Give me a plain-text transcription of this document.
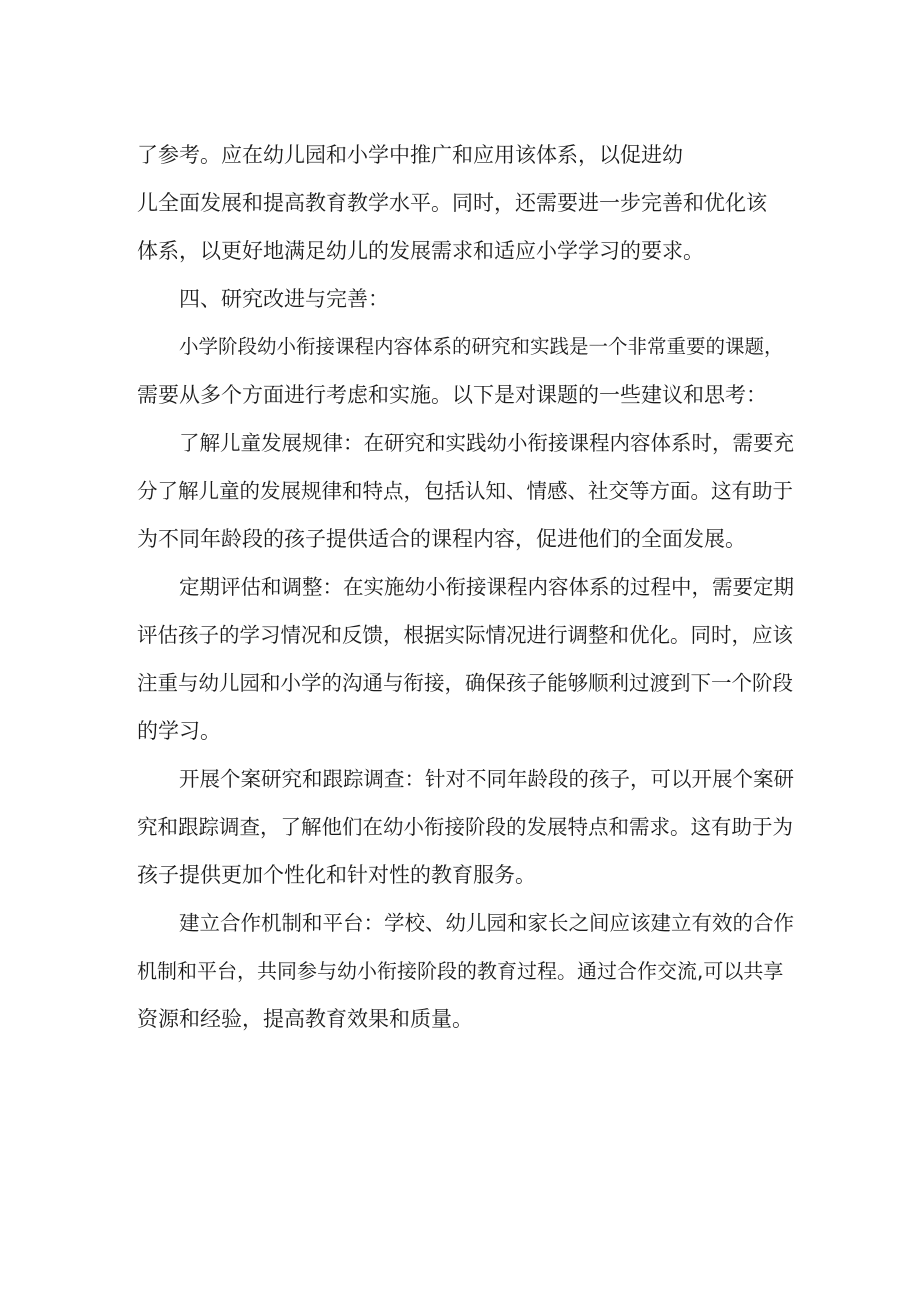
了参考。应在幼儿园和小学中推广和应用该体系，以促进幼
儿全面发展和提高教育教学水平。同时，还需要进一步完善和优化该
体系，以更好地满足幼儿的发展需求和适应小学学习的要求。
四、研究改进与完善：
小学阶段幼小衔接课程内容体系的研究和实践是一个非常重要的课题，
需要从多个方面进行考虑和实施。以下是对课题的一些建议和思考：
了解儿童发展规律：在研究和实践幼小衔接课程内容体系时，需要充
分了解儿童的发展规律和特点，包括认知、情感、社交等方面。这有助于
为不同年龄段的孩子提供适合的课程内容，促进他们的全面发展。
定期评估和调整：在实施幼小衔接课程内容体系的过程中，需要定期
评估孩子的学习情况和反馈，根据实际情况进行调整和优化。同时，应该
注重与幼儿园和小学的沟通与衔接，确保孩子能够顺利过渡到下一个阶段
的学习。
开展个案研究和跟踪调查：针对不同年龄段的孩子，可以开展个案研
究和跟踪调查，了解他们在幼小衔接阶段的发展特点和需求。这有助于为
孩子提供更加个性化和针对性的教育服务。
建立合作机制和平台：学校、幼儿园和家长之间应该建立有效的合作
机制和平台，共同参与幼小衔接阶段的教育过程。通过合作交流,可以共享
资源和经验，提高教育效果和质量。
